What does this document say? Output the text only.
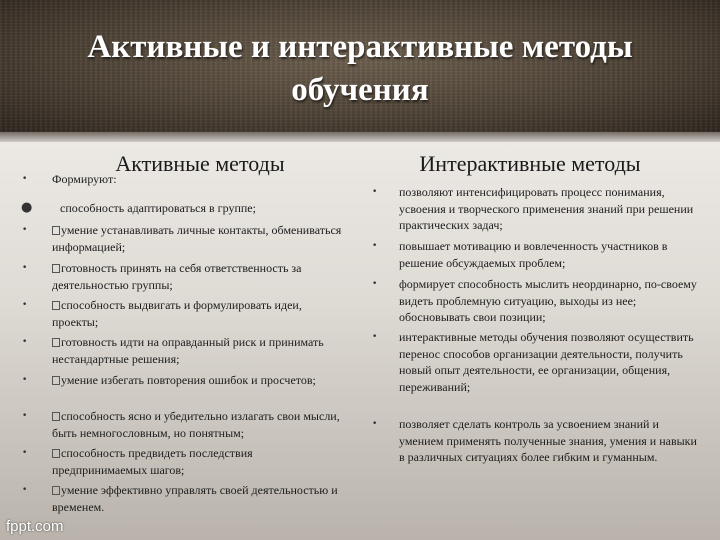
Активные и интерактивные методы обучения
Активные методы
• Формируют:
● способность адаптироваться в группе;
•	умение устанавливать личные контакты, обмениваться информацией;
•	готовность принять на себя ответственность за деятельностью группы;
•	способность выдвигать и формулировать идеи, проекты;
•	готовность идти на оправданный риск и принимать нестандартные решения;
•	умение избегать повторения ошибок и просчетов;
•	способность ясно и убедительно излагать свои мысли, быть немногословным, но понятным;
•	способность предвидеть последствия предпринимаемых шагов;
•	умение эффективно управлять своей деятельностью и временем.
Интерактивные методы
• позволяют интенсифицировать процесс понимания, усвоения и творческого применения знаний при решении практических задач;
• повышает мотивацию и вовлеченность участников в решение обсуждаемых проблем;
• формирует способность мыслить неординарно, по-своему видеть проблемную ситуацию, выходы из нее; обосновывать свои позиции;
• интерактивные методы обучения позволяют осуществить перенос способов организации деятельности, получить новый опыт деятельности, ее организации, общения, переживаний;
• позволяет сделать контроль за усвоением знаний и умением применять полученные знания, умения и навыки в различных ситуациях более гибким и гуманным.
fppt.com
